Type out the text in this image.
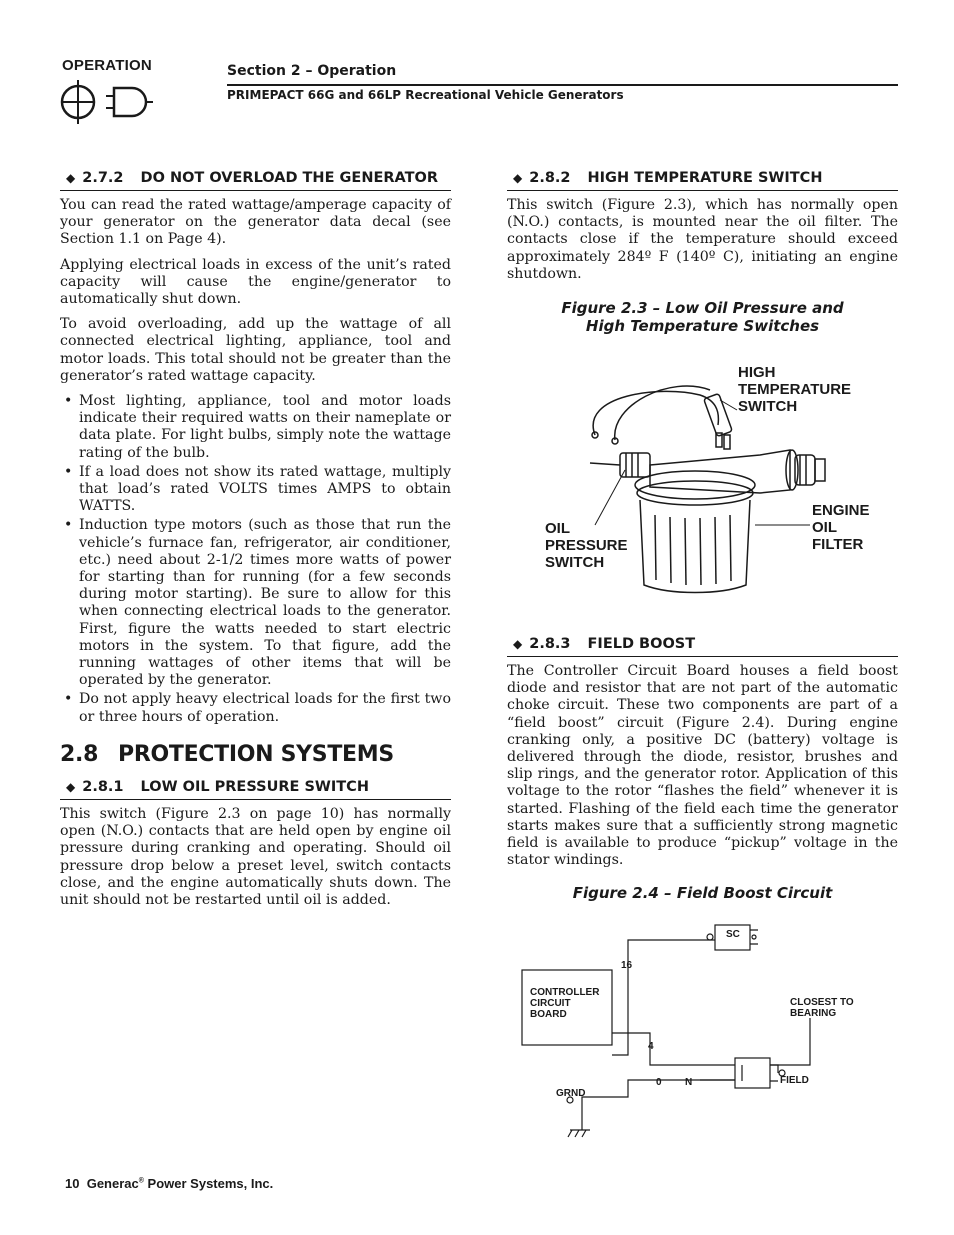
OPERATION	Section 2 – Operation
PRIMEPACT 66G and 66LP Recreational Vehicle Generators
◆ 2.7.2 DO NOT OVERLOAD THE GENERATOR

You can read the rated wattage/amperage capacity of your generator on the generator data decal (see Section 1.1 on Page 4).

Applying electrical loads in excess of the unit’s rated capacity will cause the engine/generator to automatically shut down.

To avoid overloading, add up the wattage of all connected electrical lighting, appliance, tool and motor loads. This total should not be greater than the generator’s rated wattage capacity.

• Most lighting, appliance, tool and motor loads indicate their required watts on their nameplate or data plate. For light bulbs, simply note the wattage rating of the bulb.
• If a load does not show its rated wattage, multiply that load’s rated VOLTS times AMPS to obtain WATTS.
• Induction type motors (such as those that run the vehicle’s furnace fan, refrigerator, air conditioner, etc.) need about 2-1/2 times more watts of power for starting than for running (for a few seconds during motor starting). Be sure to allow for this when connecting electrical loads to the generator. First, figure the watts needed to start electric motors in the system. To that figure, add the running wattages of other items that will be operated by the generator.
• Do not apply heavy electrical loads for the first two or three hours of operation.
2.8 PROTECTION SYSTEMS
◆ 2.8.1 LOW OIL PRESSURE SWITCH

This switch (Figure 2.3 on page 10) has normally open (N.O.) contacts that are held open by engine oil pressure during cranking and operating. Should oil pressure drop below a preset level, switch contacts close, and the engine automatically shuts down. The unit should not be restarted until oil is added.

◆ 2.8.2 HIGH TEMPERATURE SWITCH

This switch (Figure 2.3), which has normally open (N.O.) contacts, is mounted near the oil filter. The contacts close if the temperature should exceed approximately 284º F (140º C), initiating an engine shutdown.

Figure 2.3 – Low Oil Pressure and
High Temperature Switches
HIGH
TEMPERATURE
SWITCH
OIL
PRESSURE
SWITCH
ENGINE
OIL
FILTER
◆ 2.8.3 FIELD BOOST

The Controller Circuit Board houses a field boost diode and resistor that are not part of the automatic choke circuit. These two components are part of a “field boost” circuit (Figure 2.4). During engine cranking only, a positive DC (battery) voltage is delivered through the diode, resistor, brushes and slip rings, and the generator rotor. Application of this voltage to the rotor “flashes the field” whenever it is started. Flashing of the field each time the generator starts makes sure that a sufficiently strong magnetic field is available to produce “pickup” voltage in the stator windings.

Figure 2.4 – Field Boost Circuit
SC
16
CONTROLLER
CIRCUIT
BOARD
CLOSEST TO
BEARING
4
GRND
0 N	FIELD
10 Generac® Power Systems, Inc.
